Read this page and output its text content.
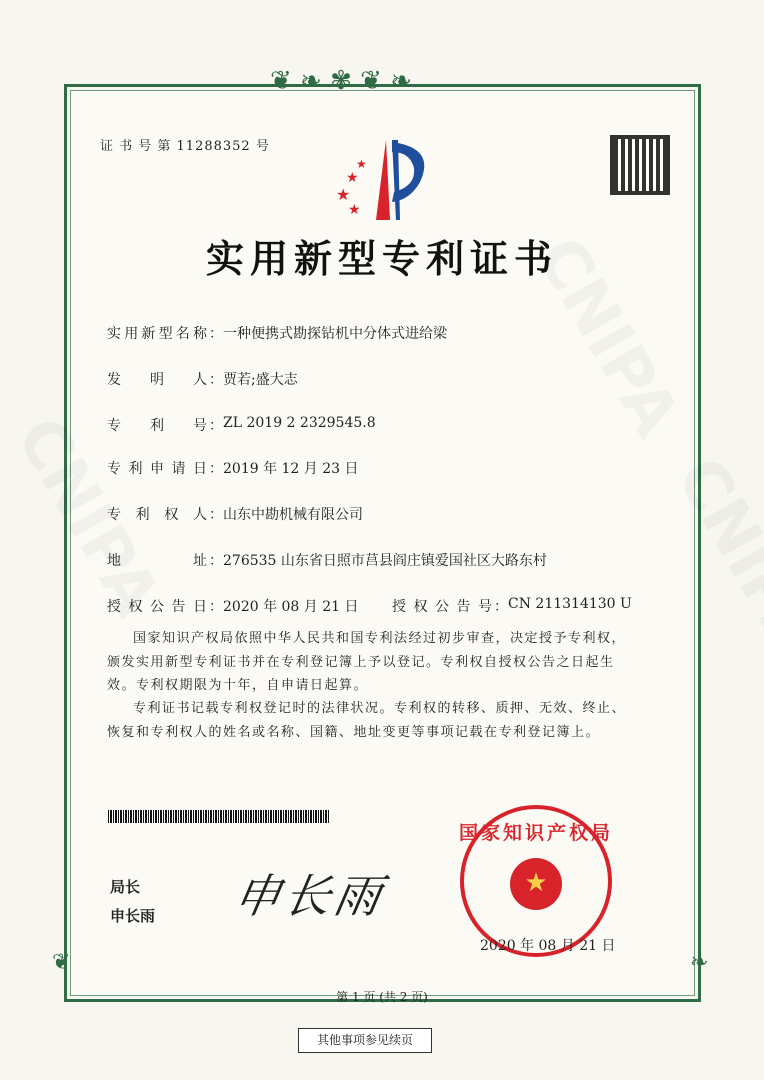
❦ ❧ ✾ ❦ ❧
❦	❧
证 书 号 第 11288352 号
★
★
★
★
实用新型专利证书
实用新型名称 ： 一种便携式勘探钻机中分体式进给梁
发明人 ： 贾若;盛大志
专利号 ： ZL 2019 2 2329545.8
专利申请日 ： 2019 年 12 月 23 日
专利权人 ： 山东中勘机械有限公司
地址 ： 276535 山东省日照市莒县阎庄镇爱国社区大路东村
授权公告日 ： 2020 年 08 月 21 日 授权公告号 ： CN 211314130 U
国家知识产权局依照中华人民共和国专利法经过初步审查，决定授予专利权，颁发实用新型专利证书并在专利登记簿上予以登记。专利权自授权公告之日起生效。专利权期限为十年，自申请日起算。
专利证书记载专利权登记时的法律状况。专利权的转移、质押、无效、终止、恢复和专利权人的姓名或名称、国籍、地址变更等事项记载在专利登记簿上。
局长
申长雨 申长雨	★
国家知识产权局
2020 年 08 月 21 日
第 1 页 (共 2 页)
其他事项参见续页
